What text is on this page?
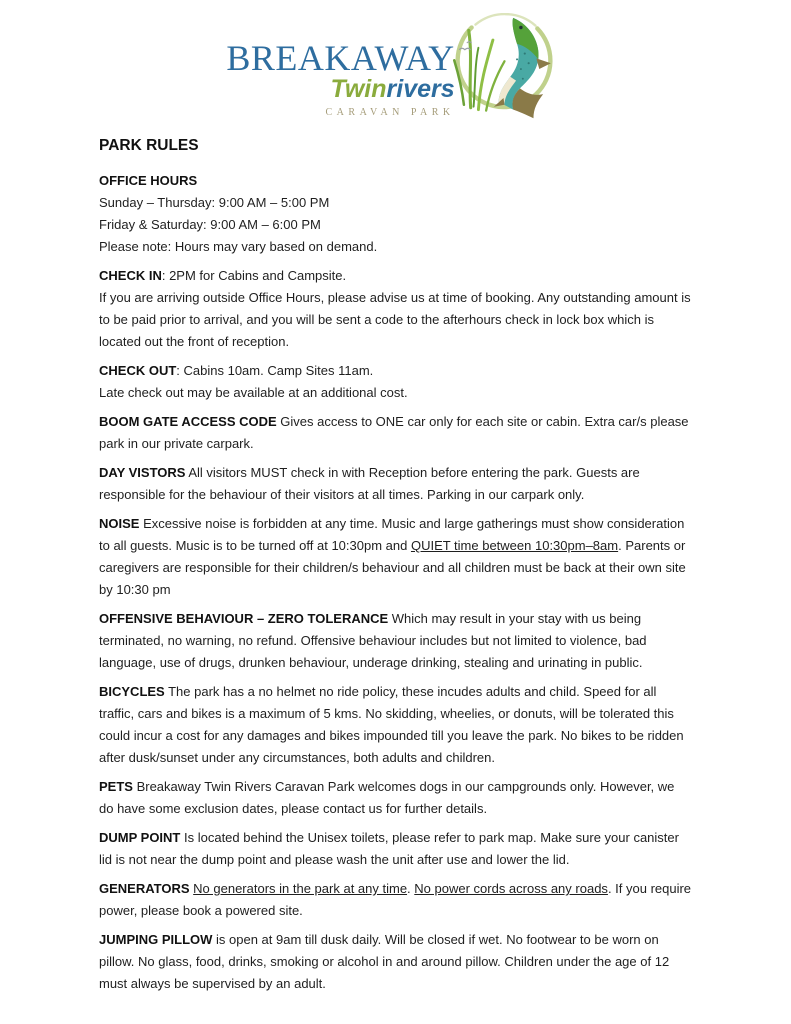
BREAKAWAY
Twinrivers
CARAVAN PARK
PARK RULES

OFFICE HOURS
Sunday – Thursday: 9:00 AM – 5:00 PM
Friday & Saturday: 9:00 AM – 6:00 PM
Please note: Hours may vary based on demand.

CHECK IN: 2PM for Cabins and Campsite.
If you are arriving outside Office Hours, please advise us at time of booking. Any outstanding amount is to be paid prior to arrival, and you will be sent a code to the afterhours check in lock box which is located out the front of reception.

CHECK OUT: Cabins 10am. Camp Sites 11am.
Late check out may be available at an additional cost.

BOOM GATE ACCESS CODE Gives access to ONE car only for each site or cabin. Extra car/s please park in our private carpark.

DAY VISTORS All visitors MUST check in with Reception before entering the park. Guests are responsible for the behaviour of their visitors at all times. Parking in our carpark only.

NOISE Excessive noise is forbidden at any time. Music and large gatherings must show consideration to all guests. Music is to be turned off at 10:30pm and QUIET time between 10:30pm–8am. Parents or caregivers are responsible for their children/s behaviour and all children must be back at their own site by 10:30 pm

OFFENSIVE BEHAVIOUR – ZERO TOLERANCE Which may result in your stay with us being terminated, no warning, no refund. Offensive behaviour includes but not limited to violence, bad language, use of drugs, drunken behaviour, underage drinking, stealing and urinating in public.

BICYCLES The park has a no helmet no ride policy, these incudes adults and child. Speed for all traffic, cars and bikes is a maximum of 5 kms. No skidding, wheelies, or donuts, will be tolerated this could incur a cost for any damages and bikes impounded till you leave the park. No bikes to be ridden after dusk/sunset under any circumstances, both adults and children.

PETS Breakaway Twin Rivers Caravan Park welcomes dogs in our campgrounds only. However, we do have some exclusion dates, please contact us for further details.

DUMP POINT Is located behind the Unisex toilets, please refer to park map. Make sure your canister lid is not near the dump point and please wash the unit after use and lower the lid.

GENERATORS No generators in the park at any time. No power cords across any roads. If you require power, please book a powered site.

JUMPING PILLOW is open at 9am till dusk daily. Will be closed if wet. No footwear to be worn on pillow. No glass, food, drinks, smoking or alcohol in and around pillow. Children under the age of 12 must always be supervised by an adult.
